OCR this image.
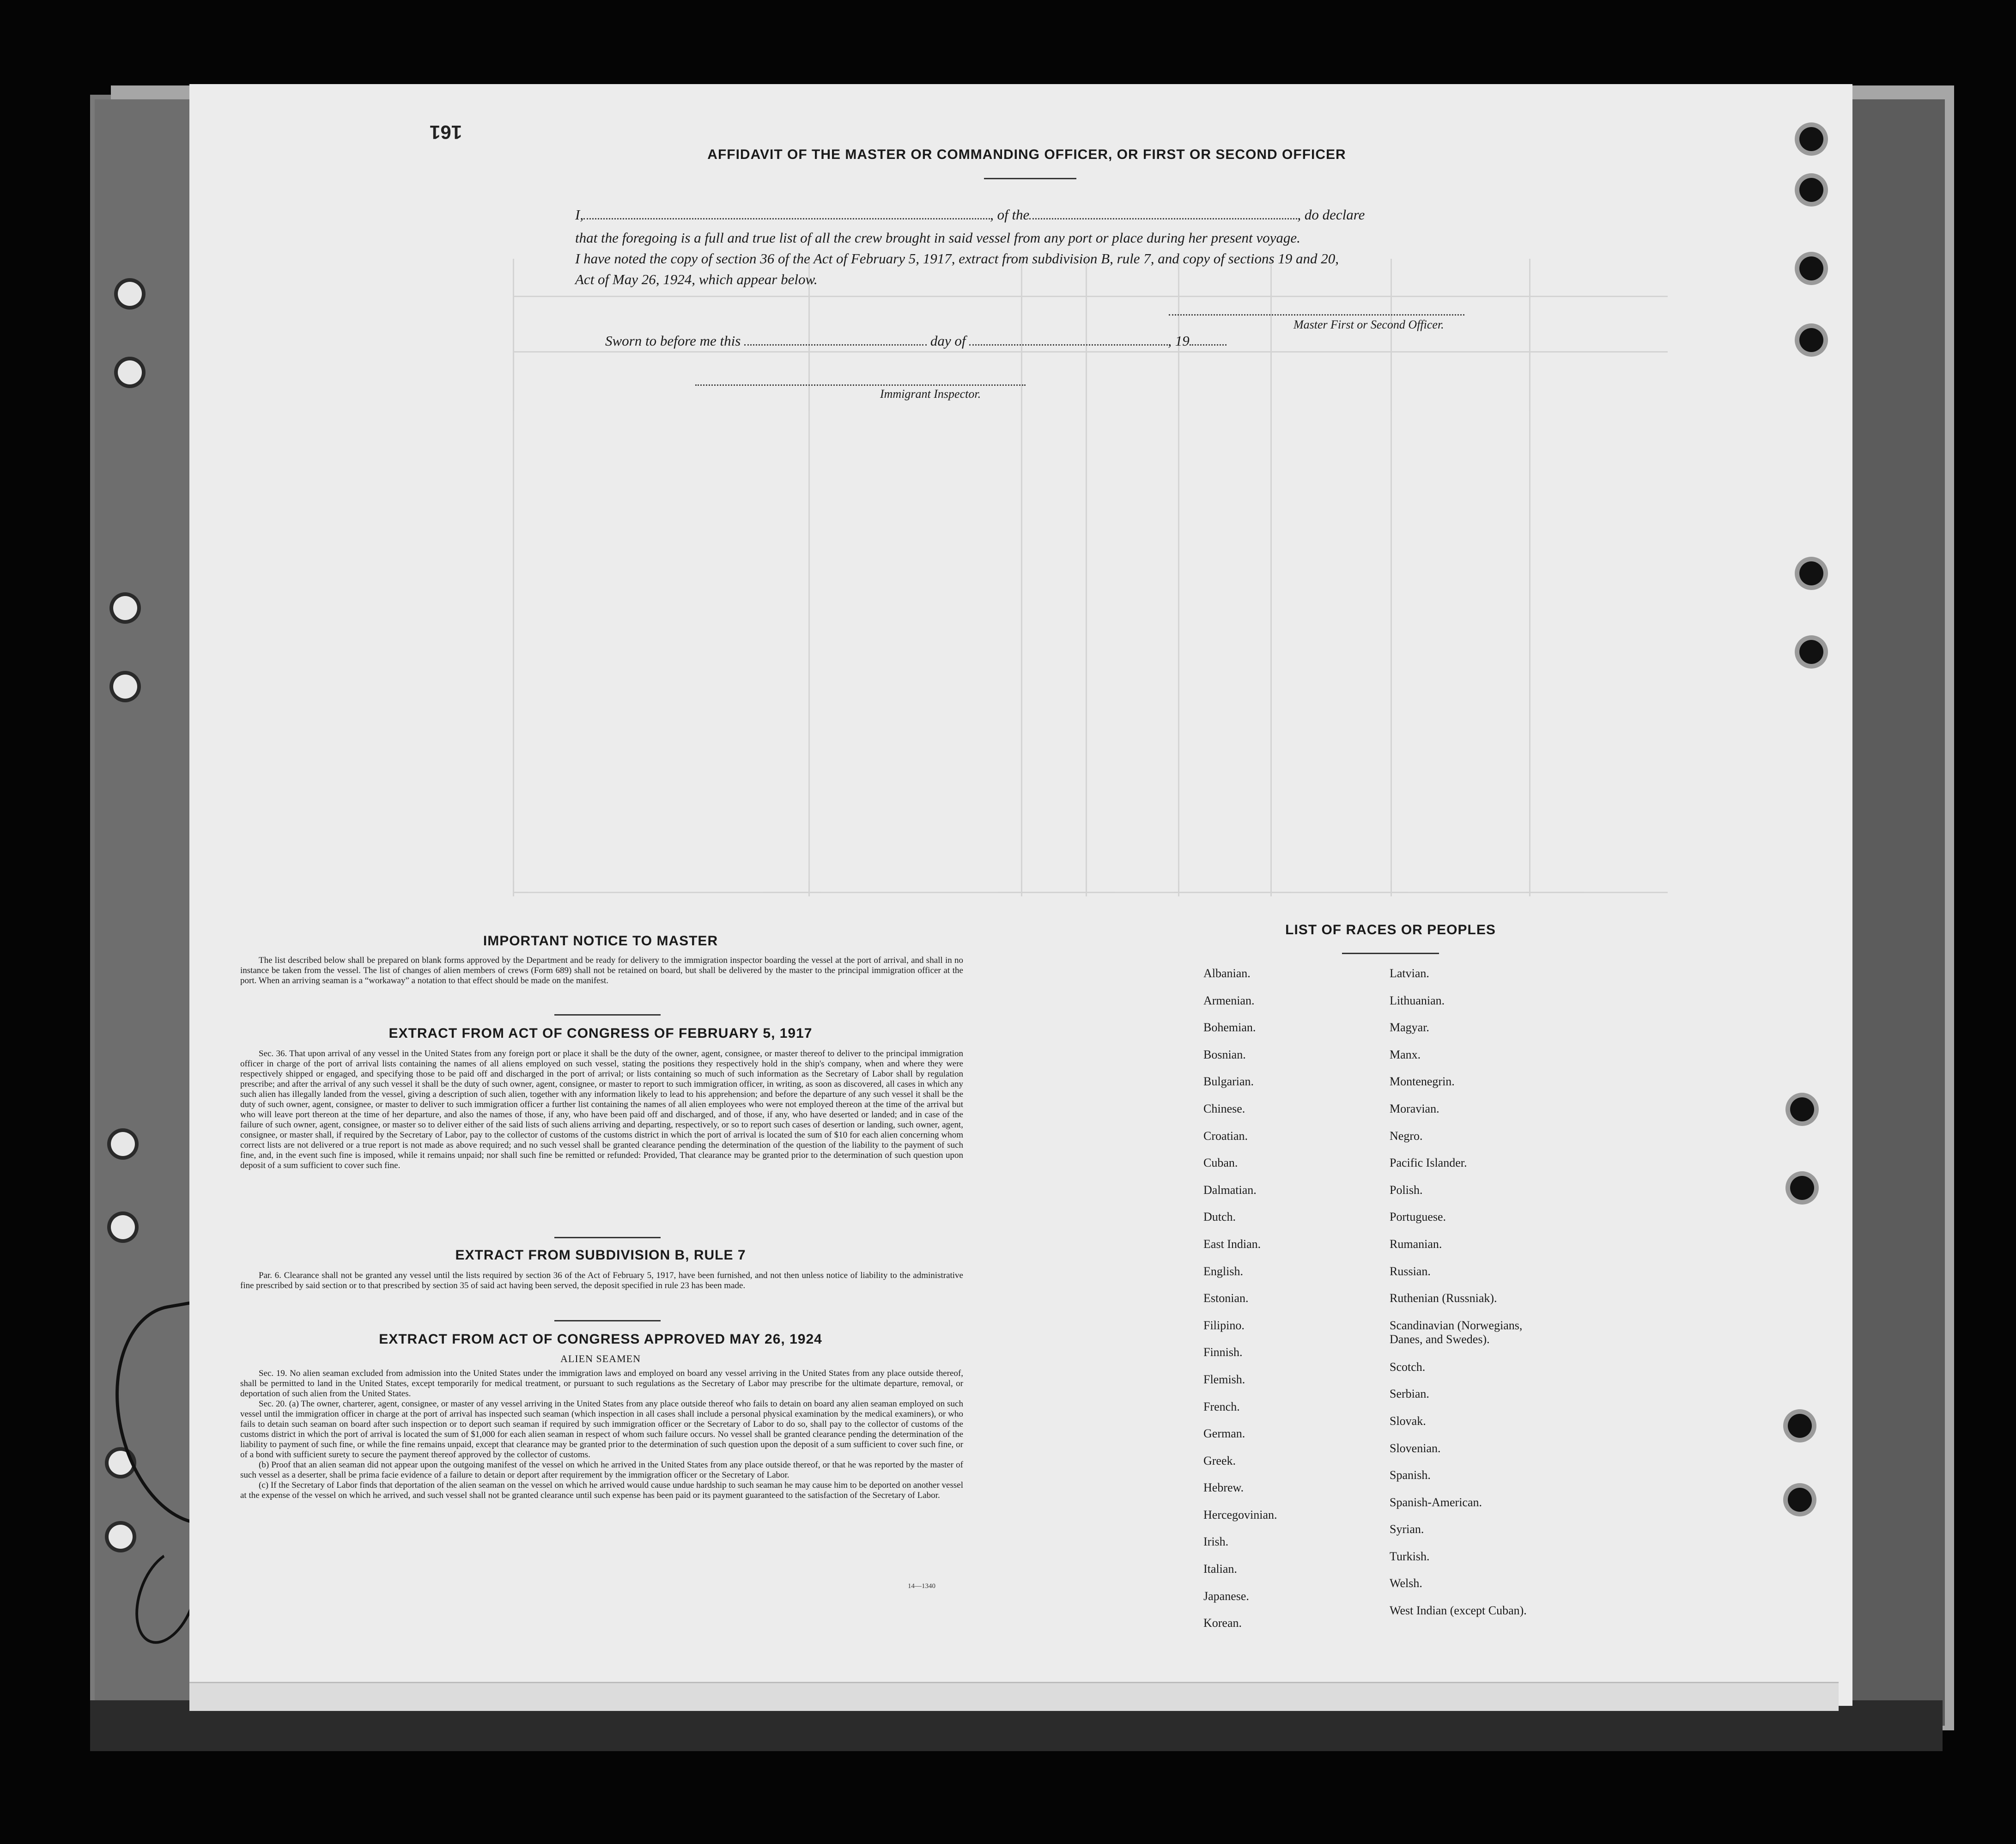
161
AFFIDAVIT OF THE MASTER OR COMMANDING OFFICER, OR FIRST OR SECOND OFFICER
I,	, of the	, do declare
that the foregoing is a full and true list of all the crew brought in said vessel from any port or place during her present voyage.
I have noted the copy of section 36 of the Act of February 5, 1917, extract from subdivision B, rule 7, and copy of sections 19 and 20,
Act of May 26, 1924, which appear below.
Master First or Second Officer.
Sworn to before me this	day of	, 19
Immigrant Inspector.
IMPORTANT NOTICE TO MASTER

The list described below shall be prepared on blank forms approved by the Department and be ready for delivery to the immigration inspector boarding the vessel at the port of arrival, and shall in no instance be taken from the vessel. The list of changes of alien members of crews (Form 689) shall not be retained on board, but shall be delivered by the master to the principal immigration officer at the port. When an arriving seaman is a “workaway” a notation to that effect should be made on the manifest.

EXTRACT FROM ACT OF CONGRESS OF FEBRUARY 5, 1917

Sec. 36. That upon arrival of any vessel in the United States from any foreign port or place it shall be the duty of the owner, agent, consignee, or master thereof to deliver to the principal immigration officer in charge of the port of arrival lists containing the names of all aliens employed on such vessel, stating the positions they respectively hold in the ship's company, when and where they were respectively shipped or engaged, and specifying those to be paid off and discharged in the port of arrival; or lists containing so much of such information as the Secretary of Labor shall by regulation prescribe; and after the arrival of any such vessel it shall be the duty of such owner, agent, consignee, or master to report to such immigration officer, in writing, as soon as discovered, all cases in which any such alien has illegally landed from the vessel, giving a description of such alien, together with any information likely to lead to his apprehension; and before the departure of any such vessel it shall be the duty of such owner, agent, consignee, or master to deliver to such immigration officer a further list containing the names of all alien employees who were not employed thereon at the time of the arrival but who will leave port thereon at the time of her departure, and also the names of those, if any, who have been paid off and discharged, and of those, if any, who have deserted or landed; and in case of the failure of such owner, agent, consignee, or master so to deliver either of the said lists of such aliens arriving and departing, respectively, or so to report such cases of desertion or landing, such owner, agent, consignee, or master shall, if required by the Secretary of Labor, pay to the collector of customs of the customs district in which the port of arrival is located the sum of $10 for each alien concerning whom correct lists are not delivered or a true report is not made as above required; and no such vessel shall be granted clearance pending the determination of the question of the liability to the payment of such fine, and, in the event such fine is imposed, while it remains unpaid; nor shall such fine be remitted or refunded: Provided, That clearance may be granted prior to the determination of such question upon deposit of a sum sufficient to cover such fine.

EXTRACT FROM SUBDIVISION B, RULE 7

Par. 6. Clearance shall not be granted any vessel until the lists required by section 36 of the Act of February 5, 1917, have been furnished, and not then unless notice of liability to the administrative fine prescribed by said section or to that prescribed by section 35 of said act having been served, the deposit specified in rule 23 has been made.

EXTRACT FROM ACT OF CONGRESS APPROVED MAY 26, 1924
ALIEN SEAMEN

Sec. 19. No alien seaman excluded from admission into the United States under the immigration laws and employed on board any vessel arriving in the United States from any place outside thereof, shall be permitted to land in the United States, except temporarily for medical treatment, or pursuant to such regulations as the Secretary of Labor may prescribe for the ultimate departure, removal, or deportation of such alien from the United States.

Sec. 20. (a) The owner, charterer, agent, consignee, or master of any vessel arriving in the United States from any place outside thereof who fails to detain on board any alien seaman employed on such vessel until the immigration officer in charge at the port of arrival has inspected such seaman (which inspection in all cases shall include a personal physical examination by the medical examiners), or who fails to detain such seaman on board after such inspection or to deport such seaman if required by such immigration officer or the Secretary of Labor to do so, shall pay to the collector of customs of the customs district in which the port of arrival is located the sum of $1,000 for each alien seaman in respect of whom such failure occurs. No vessel shall be granted clearance pending the determination of the liability to payment of such fine, or while the fine remains unpaid, except that clearance may be granted prior to the determination of such question upon the deposit of a sum sufficient to cover such fine, or of a bond with sufficient surety to secure the payment thereof approved by the collector of customs.

(b) Proof that an alien seaman did not appear upon the outgoing manifest of the vessel on which he arrived in the United States from any place outside thereof, or that he was reported by the master of such vessel as a deserter, shall be prima facie evidence of a failure to detain or deport after requirement by the immigration officer or the Secretary of Labor.

(c) If the Secretary of Labor finds that deportation of the alien seaman on the vessel on which he arrived would cause undue hardship to such seaman he may cause him to be deported on another vessel at the expense of the vessel on which he arrived, and such vessel shall not be granted clearance until such expense has been paid or its payment guaranteed to the satisfaction of the Secretary of Labor.

14—1340
LIST OF RACES OR PEOPLES
Albanian.
Armenian.
Bohemian.
Bosnian.
Bulgarian.
Chinese.
Croatian.
Cuban.
Dalmatian.
Dutch.
East Indian.
English.
Estonian.
Filipino.
Finnish.
Flemish.
French.
German.
Greek.
Hebrew.
Hercegovinian.
Irish.
Italian.
Japanese.
Korean.
Latvian.
Lithuanian.
Magyar.
Manx.
Montenegrin.
Moravian.
Negro.
Pacific Islander.
Polish.
Portuguese.
Rumanian.
Russian.
Ruthenian (Russniak).
Scandinavian (Norwegians, Danes, and Swedes).
Scotch.
Serbian.
Slovak.
Slovenian.
Spanish.
Spanish-American.
Syrian.
Turkish.
Welsh.
West Indian (except Cuban).
